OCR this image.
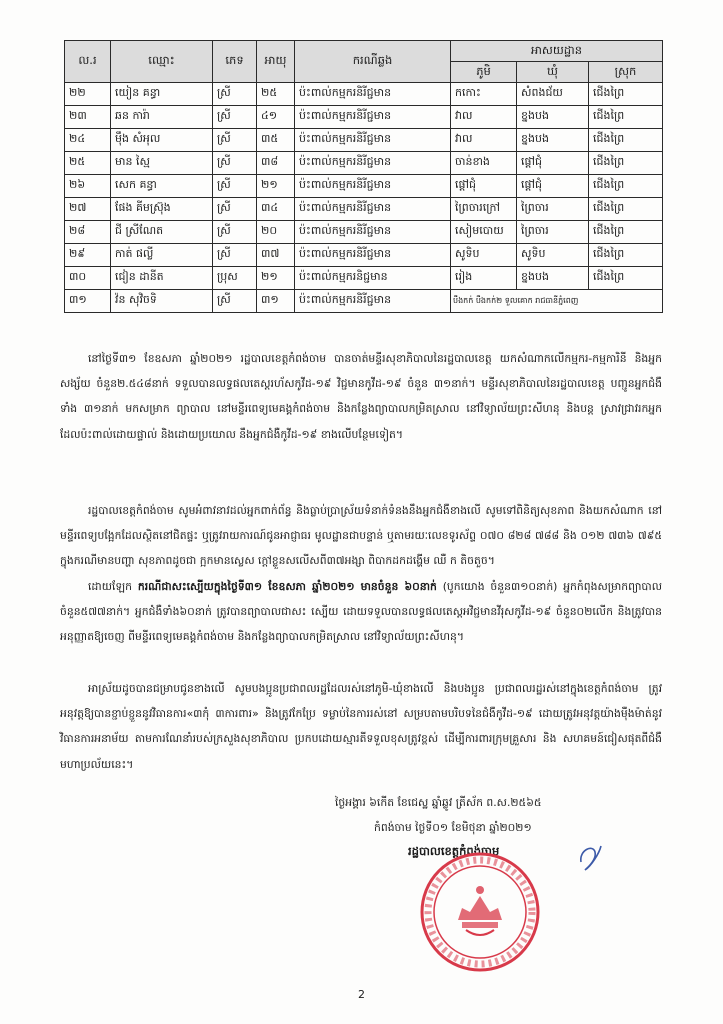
ល.រ	ឈ្មោះ	ភេទ	អាយុ	ករណីឆ្លង	អាសយដ្ឋាន		
					ភូមិ	ឃុំ	ស្រុក
២២	យៀន គន្ធា	ស្រី	២៥	ប៉ះពាល់កម្មករនិរីជ្ជមាន	កកោះ	សំពងជ័យ	ជើងព្រៃ
២៣	ឆន ការ៉ា	ស្រី	៤១	ប៉ះពាល់កម្មករនិរីជ្ជមាន	វាល	ខ្នងបង	ជើងព្រៃ
២៤	ម៉ឹង សំអុល	ស្រី	៣៥	ប៉ះពាល់កម្មករនិរីជ្ជមាន	វាល	ខ្នងបង	ជើងព្រៃ
២៥	មាន ស្មៃ	ស្រី	៣៨	ប៉ះពាល់កម្មករនិរីជ្ជមាន	ចាន់ខាង	ផ្តៅជុំ	ជើងព្រៃ
២៦	សេក គន្ធា	ស្រី	២១	ប៉ះពាល់កម្មករនិរីជ្ជមាន	ផ្តៅជុំ	ផ្តៅជុំ	ជើងព្រៃ
២៧	ផែង គីមស្រ៊ុង	ស្រី	៣៤	ប៉ះពាល់កម្មករនិរីជ្ជមាន	ព្រៃចារក្រៅ	ព្រៃចារ	ជើងព្រៃ
២៨	ជី ស្រីណែត	ស្រី	២០	ប៉ះពាល់កម្មករនិរីជ្ជមាន	សៀមបោយ	ព្រៃចារ	ជើងព្រៃ
២៩	កាត់ ផល្លី	ស្រី	៣៧	ប៉ះពាល់កម្មករនិរីជ្ជមាន	សូទិប	សូទិប	ជើងព្រៃ
៣០	ជៀន ដានីត	ប្រុស	២១	ប៉ះពាល់កម្មករនិជ្ជមាន	រៀង	ខ្នងបង	ជើងព្រៃ
៣១	វ៉ន សុវិចទិ	ស្រី	៣១	ប៉ះពាល់កម្មករនិរីជ្ជមាន	បឹងកក់ បឹងកក់២ ទួលគោក រាជធានីភ្នំពេញ		

នៅថ្ងៃទី៣១ ខែឧសភា ឆ្នាំ២០២១ រដ្ឋបាលខេត្តកំពង់ចាម បានចាត់មន្ទីរសុខាភិបាលនៃរដ្ឋបាលខេត្ត យកសំណាកលើកម្មករ-កម្មការិនី និងអ្នកសង្ស័យ ចំនួន២.៥៤៨នាក់ ទទួលបានលទ្ធផលតេស្តរហ័សកូវីដ-១៩ វិជ្ជមានកូវីដ-១៩ ចំនួន ៣១នាក់។ មន្ទីរសុខាភិបាលនៃរដ្ឋបាលខេត្ត បញ្ជូនអ្នកជំងឺទាំង ៣១នាក់ មកសម្រាក ព្យាបាល នៅមន្ទីរពេទ្យមេគង្គកំពង់ចាម និងកន្លែងព្យាបាលកម្រិតស្រាល នៅវិទ្យាល័យព្រះសីហនុ និងបន្ត ស្រាវជ្រាវរកអ្នកដែលប៉ះពាល់ដោយផ្ទាល់ និងដោយប្រយោល នឹងអ្នកជំងឺកូវីដ-១៩ ខាងលើបន្ថែមទៀត។

រដ្ឋបាលខេត្តកំពង់ចាម សូមអំពាវនាវដល់អ្នកពាក់ព័ន្ធ និងធ្លាប់ប្រាស្រ័យទំនាក់ទំនងនឹងអ្នកជំងឺខាងលើ សូមទៅពិនិត្យសុខភាព និងយកសំណាក នៅមន្ទីរពេទ្យបង្អែកដែលស្ថិតនៅជិតផ្ទះ ឬត្រូវរាយការណ៍ជូនអាជ្ញាធរ មូលដ្ឋានជាបន្ទាន់ ឬតាមរយៈលេខទូរស័ព្ទ ០៧០ ៨២៨ ៧៨៨ និង ០១២ ៧៣៦ ៧៩៥ ក្នុងករណីមានបញ្ហា សុខភាពដូចជា ក្អកមានស្លេស ក្តៅខ្លួនសលើសពី៣៧អង្សា ពិបាកដកដង្ហើម ឈឺ ក តិចតួច។

ដោយឡែក ករណីជាសះស្បើយក្នុងថ្ងៃទី៣១ ខែឧសភា ឆ្នាំ២០២១ មានចំនួន ៦០នាក់ (បូកយោង ចំនួន៣១០នាក់) អ្នកកំពុងសម្រាកព្យាបាល ចំនួន៥៧៧នាក់។ អ្នកជំងឺទាំង៦០នាក់ ត្រូវបានព្យាបាលជាសះ ស្បើយ ដោយទទួលបានលទ្ធផលតេស្តអវិជ្ជមានវីរុសកូវីដ-១៩ ចំនួន០២លើក និងត្រូវបានអនុញ្ញាតឱ្យចេញ ពីមន្ទីរពេទ្យមេគង្គកំពង់ចាម និងកន្លែងព្យាបាលកម្រិតស្រាល នៅវិទ្យាល័យព្រះសីហនុ។

អាស្រ័យដូចបានជម្រាបជូនខាងលើ សូមបងប្អូនប្រជាពលរដ្ឋដែលរស់នៅភូមិ-ឃុំខាងលើ និងបងប្អូន ប្រជាពលរដ្ឋរស់នៅក្នុងខេត្តកំពង់ចាម ត្រូវអនុវត្តឱ្យបានខ្ជាប់ខ្ជួននូវវិធានការ«៣កុំ ៣ការពារ» និងត្រូវកែប្រែ ទម្លាប់នៃការរស់នៅ សម្របតាមបរិបទនៃជំងឺកូវីដ-១៩ ដោយត្រូវអនុវត្តយ៉ាងម៉ឺងម៉ាត់នូវវិធានការអនាម័យ តាមការណែនាំរបស់ក្រសួងសុខាភិបាល ប្រកបដោយស្មារតីទទួលខុសត្រូវខ្ពស់ ដើម្បីការពារក្រុមគ្រួសារ និង សហគមន៍ជៀសផុតពីជំងឺមហាប្រល័យនេះ។

ថ្ងៃអង្គារ ៦កើត ខែជេស្ឋ ឆ្នាំឆ្លូវ ត្រីស័ក ព.ស.២៥៦៥

កំពង់ចាម ថ្ងៃទី០១ ខែមិថុនា ឆ្នាំ២០២១

រដ្ឋបាលខេត្តកំពង់ចាម
2
